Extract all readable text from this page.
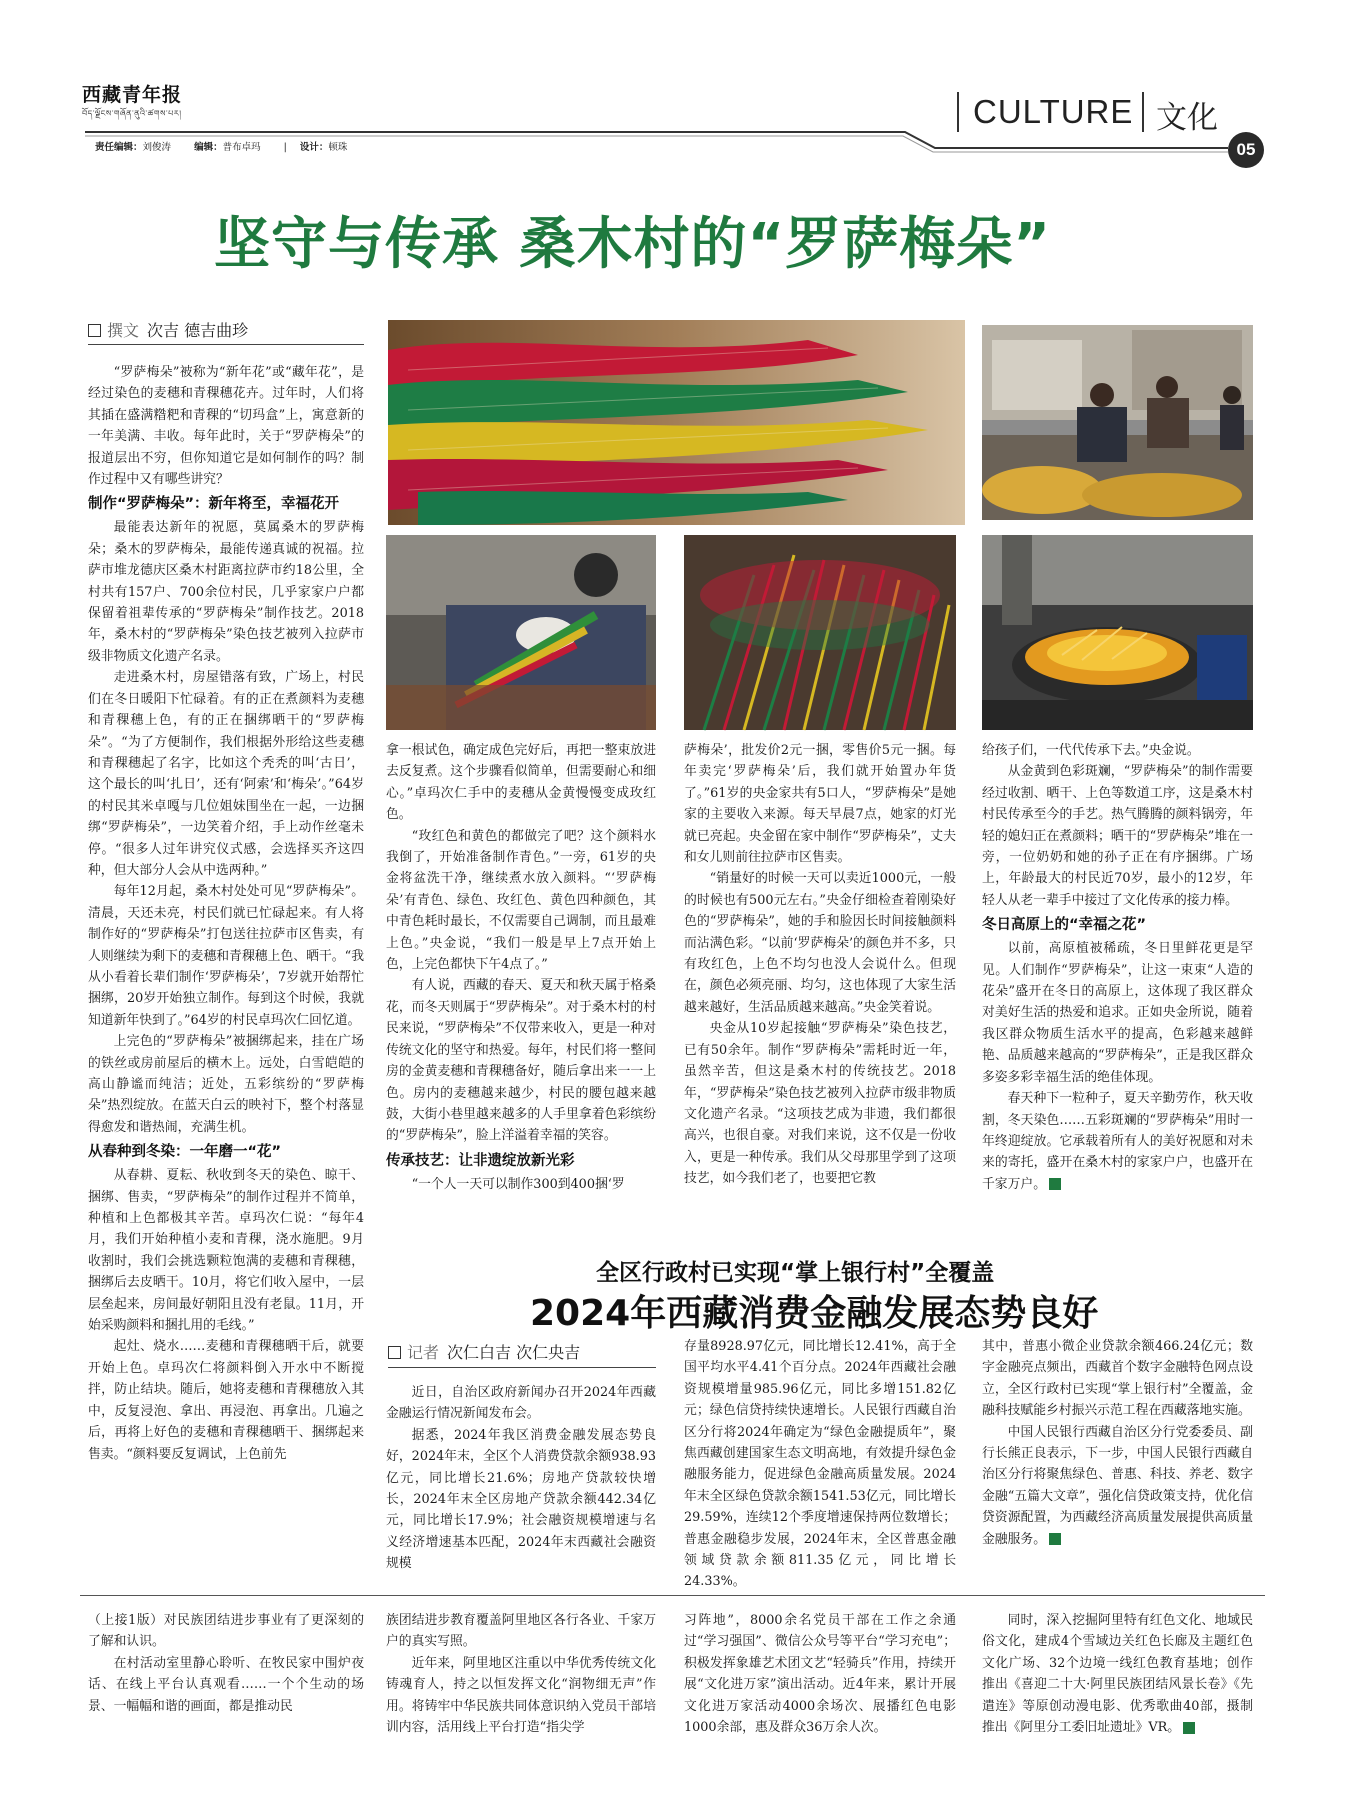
西藏青年报
བོད་ལྗོངས་གཞོན་ནུའི་ཚགས་པར།
责任编辑：刘俊涛 编辑：普布卓玛 | 设计：顿珠
CULTURE 文化
05
坚守与传承 桑木村的“罗萨梅朵”
撰文 次吉 德吉曲珍

“罗萨梅朵”被称为“新年花”或“藏年花”，是经过染色的麦穗和青稞穗花卉。过年时，人们将其插在盛满糌粑和青稞的“切玛盒”上，寓意新的一年美满、丰收。每年此时，关于“罗萨梅朵”的报道层出不穷，但你知道它是如何制作的吗？制作过程中又有哪些讲究？

制作“罗萨梅朵”：新年将至，幸福花开

最能表达新年的祝愿，莫属桑木的罗萨梅朵；桑木的罗萨梅朵，最能传递真诚的祝福。拉萨市堆龙德庆区桑木村距离拉萨市约18公里，全村共有157户、700余位村民，几乎家家户户都保留着祖辈传承的“罗萨梅朵”制作技艺。2018年，桑木村的“罗萨梅朵”染色技艺被列入拉萨市级非物质文化遗产名录。

走进桑木村，房屋错落有致，广场上，村民们在冬日暖阳下忙碌着。有的正在煮颜料为麦穗和青稞穗上色，有的正在捆绑晒干的“罗萨梅朵”。“为了方便制作，我们根据外形给这些麦穗和青稞穗起了名字，比如这个秃秃的叫‘古日’，这个最长的叫‘扎日’，还有‘阿索’和‘梅朵’。”64岁的村民其米卓嘎与几位姐妹围坐在一起，一边捆绑“罗萨梅朵”，一边笑着介绍，手上动作丝毫未停。“很多人过年讲究仪式感，会选择买齐这四种，但大部分人会从中选两种。”

每年12月起，桑木村处处可见“罗萨梅朵”。清晨，天还未亮，村民们就已忙碌起来。有人将制作好的“罗萨梅朵”打包送往拉萨市区售卖，有人则继续为剩下的麦穗和青稞穗上色、晒干。“我从小看着长辈们制作‘罗萨梅朵’，7岁就开始帮忙捆绑，20岁开始独立制作。每到这个时候，我就知道新年快到了。”64岁的村民卓玛次仁回忆道。

上完色的“罗萨梅朵”被捆绑起来，挂在广场的铁丝或房前屋后的横木上。远处，白雪皑皑的高山静谧而纯洁；近处，五彩缤纷的“罗萨梅朵”热烈绽放。在蓝天白云的映衬下，整个村落显得愈发和谐热闹，充满生机。

从春种到冬染：一年磨一“花”

从春耕、夏耘、秋收到冬天的染色、晾干、捆绑、售卖，“罗萨梅朵”的制作过程并不简单，种植和上色都极其辛苦。卓玛次仁说：“每年4月，我们开始种植小麦和青稞，浇水施肥。9月收割时，我们会挑选颗粒饱满的麦穗和青稞穗，捆绑后去皮晒干。10月，将它们收入屋中，一层层垒起来，房间最好朝阳且没有老鼠。11月，开始采购颜料和捆扎用的毛线。”

起灶、烧水……麦穗和青稞穗晒干后，就要开始上色。卓玛次仁将颜料倒入开水中不断搅拌，防止结块。随后，她将麦穗和青稞穗放入其中，反复浸泡、拿出、再浸泡、再拿出。几遍之后，再将上好色的麦穗和青稞穗晒干、捆绑起来售卖。“颜料要反复调试，上色前先

拿一根试色，确定成色完好后，再把一整束放进去反复煮。这个步骤看似简单，但需要耐心和细心。”卓玛次仁手中的麦穗从金黄慢慢变成玫红色。

“玫红色和黄色的都做完了吧？这个颜料水我倒了，开始准备制作青色。”一旁，61岁的央金将盆洗干净，继续煮水放入颜料。“‘罗萨梅朵’有青色、绿色、玫红色、黄色四种颜色，其中青色耗时最长，不仅需要自己调制，而且最难上色。”央金说，“我们一般是早上7点开始上色，上完色都快下午4点了。”

有人说，西藏的春天、夏天和秋天属于格桑花，而冬天则属于“罗萨梅朵”。对于桑木村的村民来说，“罗萨梅朵”不仅带来收入，更是一种对传统文化的坚守和热爱。每年，村民们将一整间房的金黄麦穗和青稞穗备好，随后拿出来一一上色。房内的麦穗越来越少，村民的腰包越来越鼓，大街小巷里越来越多的人手里拿着色彩缤纷的“罗萨梅朵”，脸上洋溢着幸福的笑容。

传承技艺：让非遗绽放新光彩

“一个人一天可以制作300到400捆‘罗

萨梅朵’，批发价2元一捆，零售价5元一捆。每年卖完‘罗萨梅朵’后，我们就开始置办年货了。”61岁的央金家共有5口人，“罗萨梅朵”是她家的主要收入来源。每天早晨7点，她家的灯光就已亮起。央金留在家中制作“罗萨梅朵”，丈夫和女儿则前往拉萨市区售卖。

“销量好的时候一天可以卖近1000元，一般的时候也有500元左右。”央金仔细检查着刚染好色的“罗萨梅朵”，她的手和脸因长时间接触颜料而沾满色彩。“以前‘罗萨梅朵’的颜色并不多，只有玫红色，上色不均匀也没人会说什么。但现在，颜色必须亮丽、均匀，这也体现了大家生活越来越好，生活品质越来越高。”央金笑着说。

央金从10岁起接触“罗萨梅朵”染色技艺，已有50余年。制作“罗萨梅朵”需耗时近一年，虽然辛苦，但这是桑木村的传统技艺。2018年，“罗萨梅朵”染色技艺被列入拉萨市级非物质文化遗产名录。“这项技艺成为非遗，我们都很高兴，也很自豪。对我们来说，这不仅是一份收入，更是一种传承。我们从父母那里学到了这项技艺，如今我们老了，也要把它教

给孩子们，一代代传承下去。”央金说。

从金黄到色彩斑斓，“罗萨梅朵”的制作需要经过收割、晒干、上色等数道工序，这是桑木村村民传承至今的手艺。热气腾腾的颜料锅旁，年轻的媳妇正在煮颜料；晒干的“罗萨梅朵”堆在一旁，一位奶奶和她的孙子正在有序捆绑。广场上，年龄最大的村民近70岁，最小的12岁，年轻人从老一辈手中接过了文化传承的接力棒。

冬日高原上的“幸福之花”

以前，高原植被稀疏，冬日里鲜花更是罕见。人们制作“罗萨梅朵”，让这一束束“人造的花朵”盛开在冬日的高原上，这体现了我区群众对美好生活的热爱和追求。正如央金所说，随着我区群众物质生活水平的提高，色彩越来越鲜艳、品质越来越高的“罗萨梅朵”，正是我区群众多姿多彩幸福生活的绝佳体现。

春天种下一粒种子，夏天辛勤劳作，秋天收割，冬天染色……五彩斑斓的“罗萨梅朵”用时一年终迎绽放。它承载着所有人的美好祝愿和对未来的寄托，盛开在桑木村的家家户户，也盛开在千家万户。	藏

全区行政村已实现“掌上银行村”全覆盖
2024年西藏消费金融发展态势良好
记者 次仁白吉 次仁央吉

近日，自治区政府新闻办召开2024年西藏金融运行情况新闻发布会。

据悉，2024年我区消费金融发展态势良好，2024年末，全区个人消费贷款余额938.93亿元，同比增长21.6%；房地产贷款较快增长，2024年末全区房地产贷款余额442.34亿元，同比增长17.9%；社会融资规模增速与名义经济增速基本匹配，2024年末西藏社会融资规模

存量8928.97亿元，同比增长12.41%，高于全国平均水平4.41个百分点。2024年西藏社会融资规模增量985.96亿元，同比多增151.82亿元；绿色信贷持续快速增长。人民银行西藏自治区分行将2024年确定为“绿色金融提质年”，聚焦西藏创建国家生态文明高地，有效提升绿色金融服务能力，促进绿色金融高质量发展。2024年末全区绿色贷款余额1541.53亿元，同比增长29.59%，连续12个季度增速保持两位数增长；普惠金融稳步发展，2024年末，全区普惠金融领域贷款余额811.35亿元，同比增长24.33%。

其中，普惠小微企业贷款余额466.24亿元；数字金融亮点频出，西藏首个数字金融特色网点设立，全区行政村已实现“掌上银行村”全覆盖，金融科技赋能乡村振兴示范工程在西藏落地实施。

中国人民银行西藏自治区分行党委委员、副行长熊正良表示，下一步，中国人民银行西藏自治区分行将聚焦绿色、普惠、科技、养老、数字金融“五篇大文章”，强化信贷政策支持，优化信贷资源配置，为西藏经济高质量发展提供高质量金融服务。	藏

（上接1版）对民族团结进步事业有了更深刻的了解和认识。

在村活动室里静心聆听、在牧民家中围炉夜话、在线上平台认真观看……一个个生动的场景、一幅幅和谐的画面，都是推动民

族团结进步教育覆盖阿里地区各行各业、千家万户的真实写照。

近年来，阿里地区注重以中华优秀传统文化铸魂育人，持之以恒发挥文化“润物细无声”作用。将铸牢中华民族共同体意识纳入党员干部培训内容，活用线上平台打造“指尖学

习阵地”，8000余名党员干部在工作之余通过“学习强国”、微信公众号等平台“学习充电”；积极发挥象雄艺术团文艺“轻骑兵”作用，持续开展“文化进万家”演出活动。近4年来，累计开展文化进万家活动4000余场次、展播红色电影1000余部，惠及群众36万余人次。

同时，深入挖掘阿里特有红色文化、地域民俗文化，建成4个雪域边关红色长廊及主题红色文化广场、32个边境一线红色教育基地；创作推出《喜迎二十大·阿里民族团结风景长卷》《先遣连》等原创动漫电影、优秀歌曲40部，摄制推出《阿里分工委旧址遗址》VR。	藏
